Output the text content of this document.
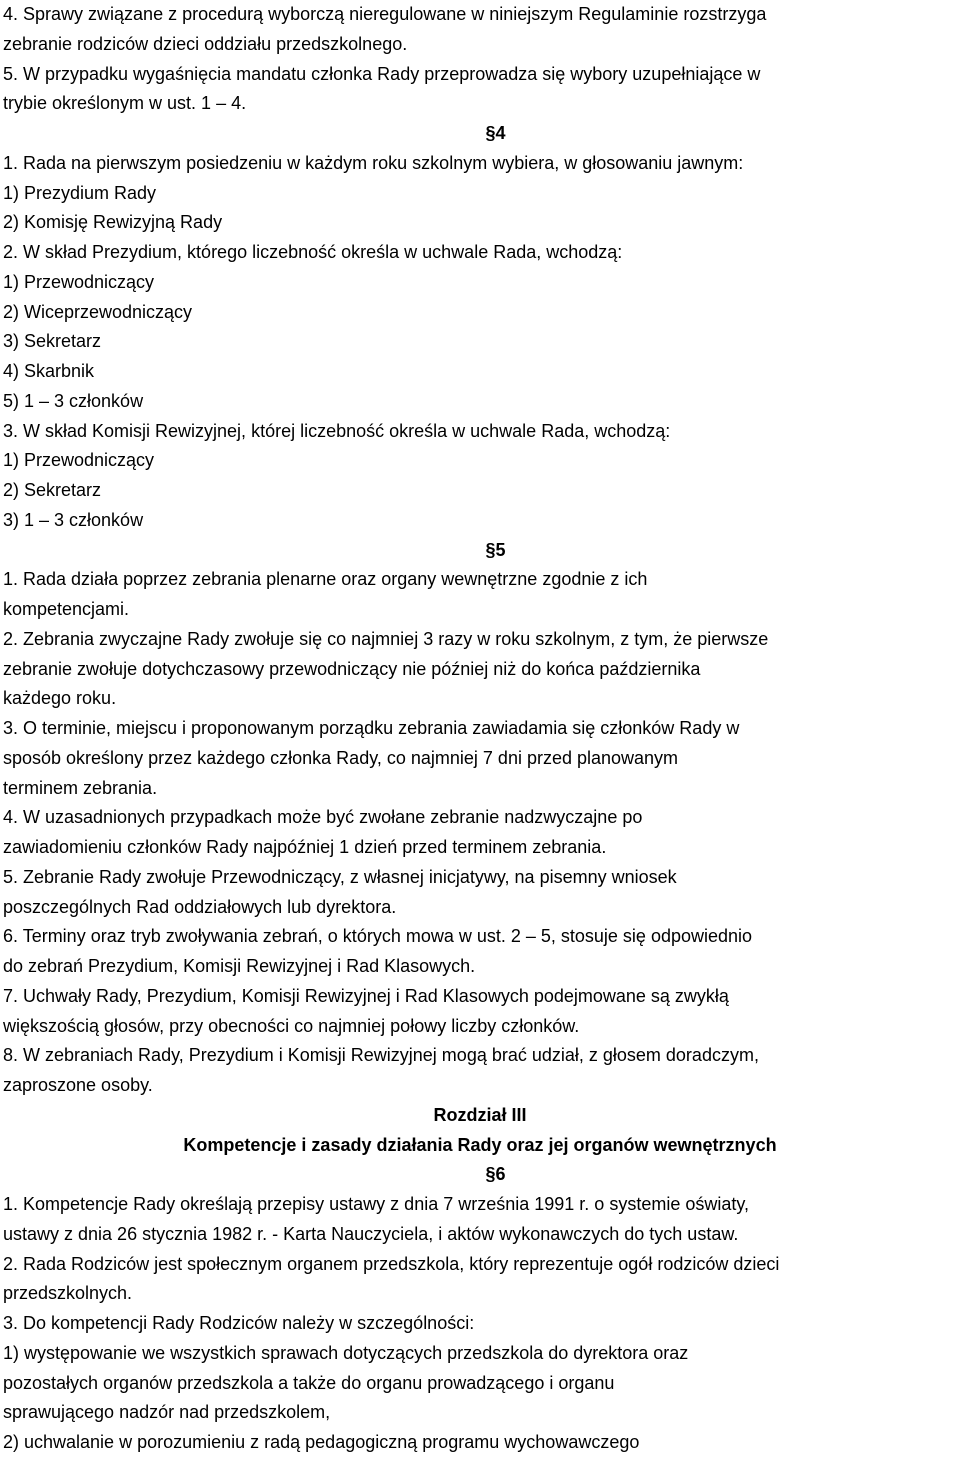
4. Sprawy związane z procedurą wyborczą nieregulowane w niniejszym Regulaminie rozstrzyga
zebranie rodziców dzieci oddziału przedszkolnego.
5. W przypadku wygaśnięcia mandatu członka Rady przeprowadza się wybory uzupełniające w
trybie określonym w ust. 1 – 4.
§4
1. Rada na pierwszym posiedzeniu w każdym roku szkolnym wybiera, w głosowaniu jawnym:
1) Prezydium Rady
2) Komisję Rewizyjną Rady
2. W skład Prezydium, którego liczebność określa w uchwale Rada, wchodzą:
1) Przewodniczący
2) Wiceprzewodniczący
3) Sekretarz
4) Skarbnik
5) 1 – 3 członków
3. W skład Komisji Rewizyjnej, której liczebność określa w uchwale Rada, wchodzą:
1) Przewodniczący
2) Sekretarz
3) 1 – 3 członków
§5
1. Rada działa poprzez zebrania plenarne oraz organy wewnętrzne zgodnie z ich
kompetencjami.
2. Zebrania zwyczajne Rady zwołuje się co najmniej 3 razy w roku szkolnym, z tym, że pierwsze
zebranie zwołuje dotychczasowy przewodniczący nie później niż do końca października
każdego roku.
3. O terminie, miejscu i proponowanym porządku zebrania zawiadamia się członków Rady w
sposób określony przez każdego członka Rady, co najmniej 7 dni przed planowanym
terminem zebrania.
4. W uzasadnionych przypadkach może być zwołane zebranie nadzwyczajne po
zawiadomieniu członków Rady najpóźniej 1 dzień przed terminem zebrania.
5. Zebranie Rady zwołuje Przewodniczący, z własnej inicjatywy, na pisemny wniosek
poszczególnych Rad oddziałowych lub dyrektora.
6. Terminy oraz tryb zwoływania zebrań, o których mowa w ust. 2 – 5, stosuje się odpowiednio
do zebrań Prezydium, Komisji Rewizyjnej i Rad Klasowych.
7. Uchwały Rady, Prezydium, Komisji Rewizyjnej i Rad Klasowych podejmowane są zwykłą
większością głosów, przy obecności co najmniej połowy liczby członków.
8. W zebraniach Rady, Prezydium i Komisji Rewizyjnej mogą brać udział, z głosem doradczym,
zaproszone osoby.
Rozdział III
Kompetencje i zasady działania Rady oraz jej organów wewnętrznych
§6
1. Kompetencje Rady określają przepisy ustawy z dnia 7 września 1991 r. o systemie oświaty,
ustawy z dnia 26 stycznia 1982 r. - Karta Nauczyciela, i aktów wykonawczych do tych ustaw.
2. Rada Rodziców jest społecznym organem przedszkola, który reprezentuje ogół rodziców dzieci
przedszkolnych.
3. Do kompetencji Rady Rodziców należy w szczególności:
1) występowanie we wszystkich sprawach dotyczących przedszkola do dyrektora oraz
pozostałych organów przedszkola a także do organu prowadzącego i organu
sprawującego nadzór nad przedszkolem,
2) uchwalanie w porozumieniu z radą pedagogiczną programu wychowawczego
